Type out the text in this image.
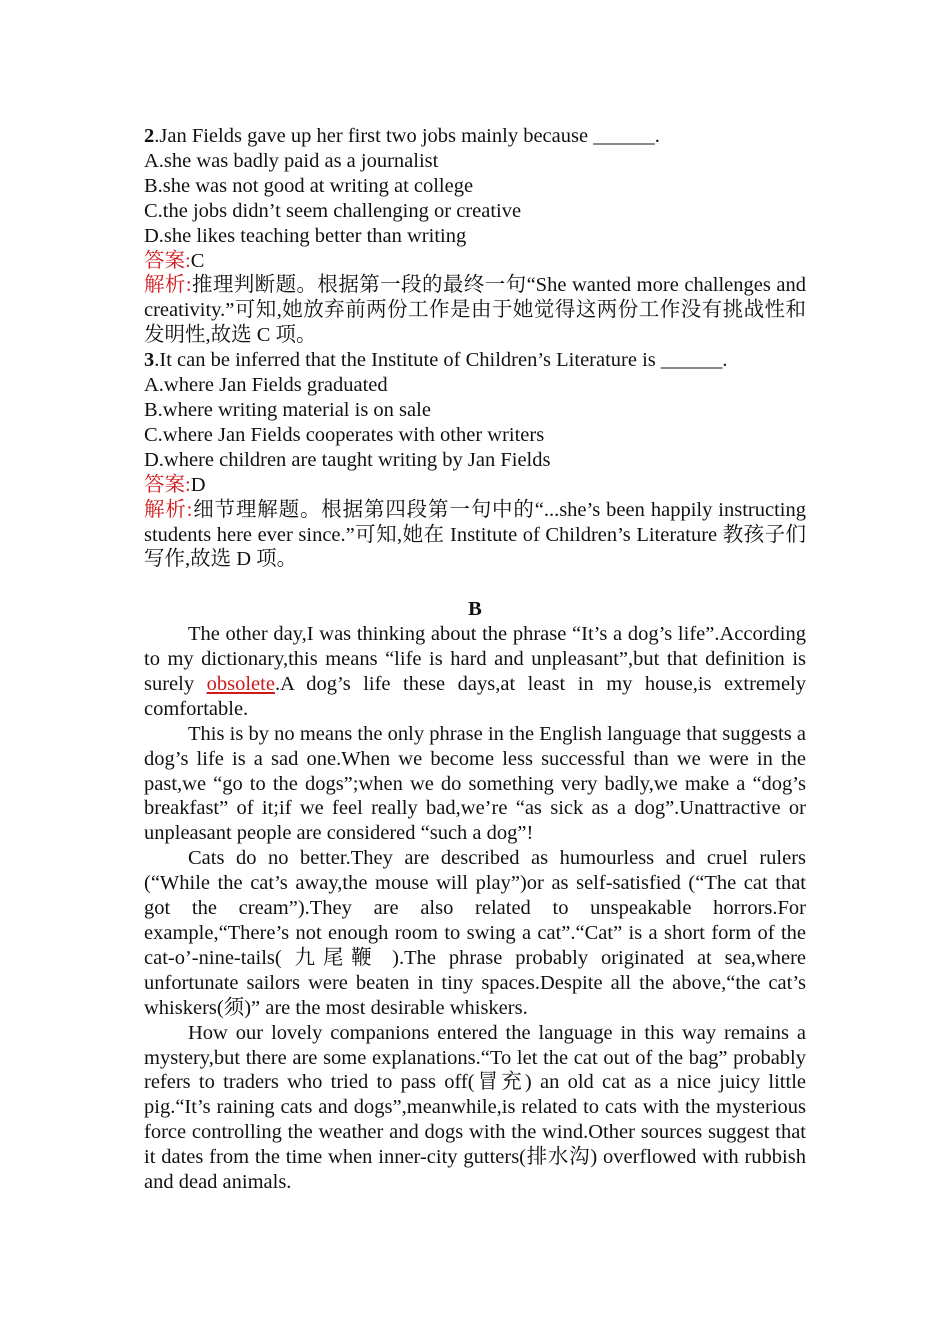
2.Jan Fields gave up her first two jobs mainly because ______.
A.she was badly paid as a journalist
B.she was not good at writing at college
C.the jobs didn’t seem challenging or creative
D.she likes teaching better than writing
答案:C
解析:推理判断题。根据第一段的最终一句“She wanted more challenges and creativity.”可知,她放弃前两份工作是由于她觉得这两份工作没有挑战性和发明性,故选 C 项。
3.It can be inferred that the Institute of Children’s Literature is ______.
A.where Jan Fields graduated
B.where writing material is on sale
C.where Jan Fields cooperates with other writers
D.where children are taught writing by Jan Fields
答案:D
解析:细节理解题。根据第四段第一句中的“...she’s been happily instructing students here ever since.”可知,她在 Institute of Children’s Literature 教孩子们写作,故选 D 项。
B
The other day,I was thinking about the phrase “It’s a dog’s life”.According to my dictionary,this means “life is hard and unpleasant”,but that definition is surely obsolete.A dog’s life these days,at least in my house,is extremely comfortable.
This is by no means the only phrase in the English language that suggests a dog’s life is a sad one.When we become less successful than we were in the past,we “go to the dogs”;when we do something very badly,we make a “dog’s breakfast” of it;if we feel really bad,we’re “as sick as a dog”.Unattractive or unpleasant people are considered “such a dog”!
Cats do no better.They are described as humourless and cruel rulers (“While the cat’s away,the mouse will play”)or as self-satisfied (“The cat that got the cream”).They are also related to unspeakable horrors.For example,“There’s not enough room to swing a cat”.“Cat” is a short form of the cat-o’-nine-tails( 九尾鞭 ).The phrase probably originated at sea,where unfortunate sailors were beaten in tiny spaces.Despite all the above,“the cat’s whiskers(须)” are the most desirable whiskers.
How our lovely companions entered the language in this way remains a mystery,but there are some explanations.“To let the cat out of the bag” probably refers to traders who tried to pass off(冒充) an old cat as a nice juicy little pig.“It’s raining cats and dogs”,meanwhile,is related to cats with the mysterious force controlling the weather and dogs with the wind.Other sources suggest that it dates from the time when inner-city gutters(排水沟) overflowed with rubbish and dead animals.
